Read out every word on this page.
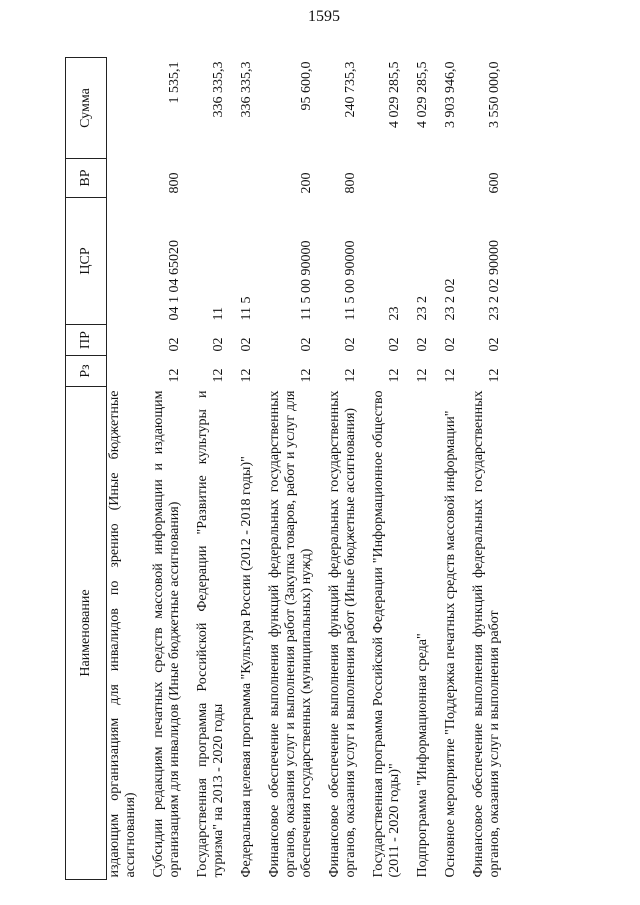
1595
Наименование	Рз	ПР	ЦСР	ВР	Сумма
издающим организациям для инвалидов по зрению (Иные бюджетные ассигнования)					
Субсидии редакциям печатных средств массовой информации и издающим организациям для инвалидов (Иные бюджетные ассигнования)	12	02	04 1 04 65020	800	1 535,1
Государственная программа Российской Федерации "Развитие культуры и туризма" на 2013 - 2020 годы	12	02	11		336 335,3
Федеральная целевая программа "Культура России (2012 - 2018 годы)"	12	02	11 5		336 335,3
Финансовое обеспечение выполнения функций федеральных государственных органов, оказания услуг и выполнения работ (Закупка товаров, работ и услуг для обеспечения государственных (муниципальных) нужд)	12	02	11 5 00 90000	200	95 600,0
Финансовое обеспечение выполнения функций федеральных государственных органов, оказания услуг и выполнения работ (Иные бюджетные ассигнования)	12	02	11 5 00 90000	800	240 735,3
Государственная программа Российской Федерации "Информационное общество (2011 - 2020 годы)"	12	02	23		4 029 285,5
Подпрограмма "Информационная среда"	12	02	23 2		4 029 285,5
Основное мероприятие "Поддержка печатных средств массовой информации"	12	02	23 2 02		3 903 946,0
Финансовое обеспечение выполнения функций федеральных государственных органов, оказания услуг и выполнения работ	12	02	23 2 02 90000	600	3 550 000,0
